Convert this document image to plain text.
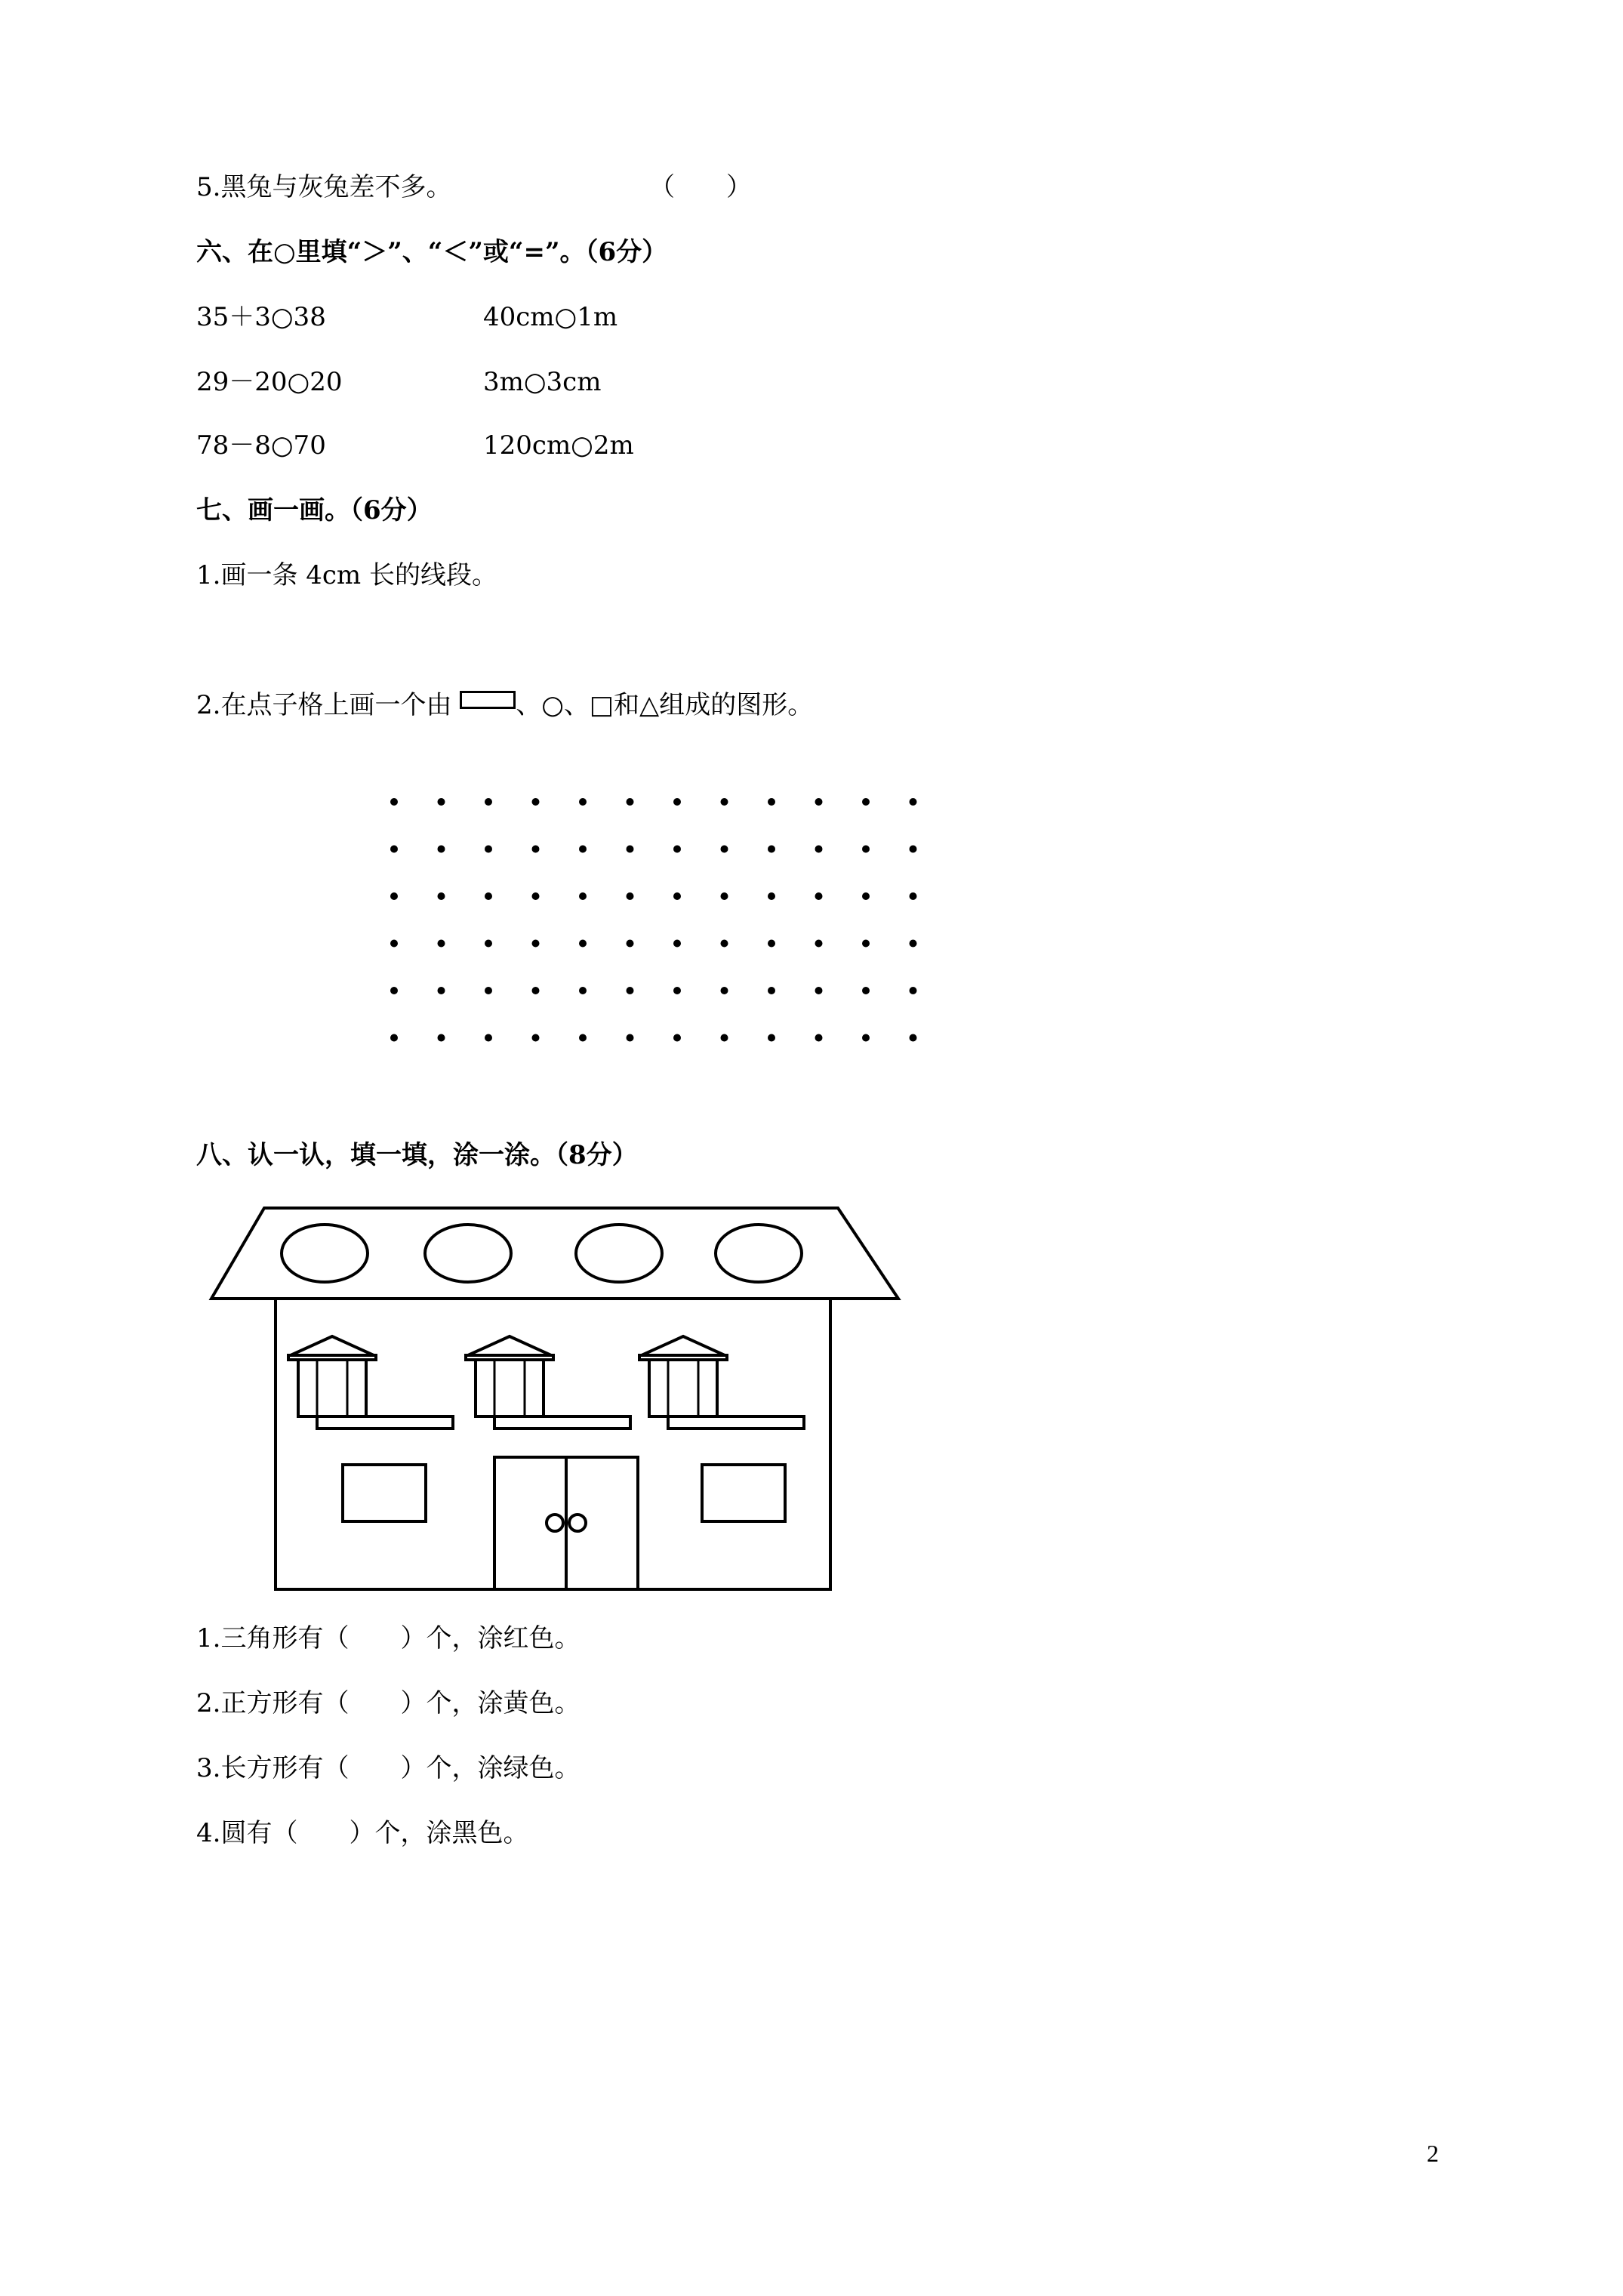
5.黑兔与灰兔差不多。	（　　）
六、在○里填“＞”、“＜”或“=”。（6分）
35＋3○38	40cm○1m
29－20○20	3m○3cm
78－8○70	120cm○2m
七、画一画。（6分）
1.画一条 4cm 长的线段。
2.在点子格上画一个由 、○、□和△组成的图形。
八、认一认，填一填，涂一涂。（8分）
1.三角形有（　　）个，涂红色。
2.正方形有（　　）个，涂黄色。
3.长方形有（　　）个，涂绿色。
4.圆有（　　）个，涂黑色。
2
